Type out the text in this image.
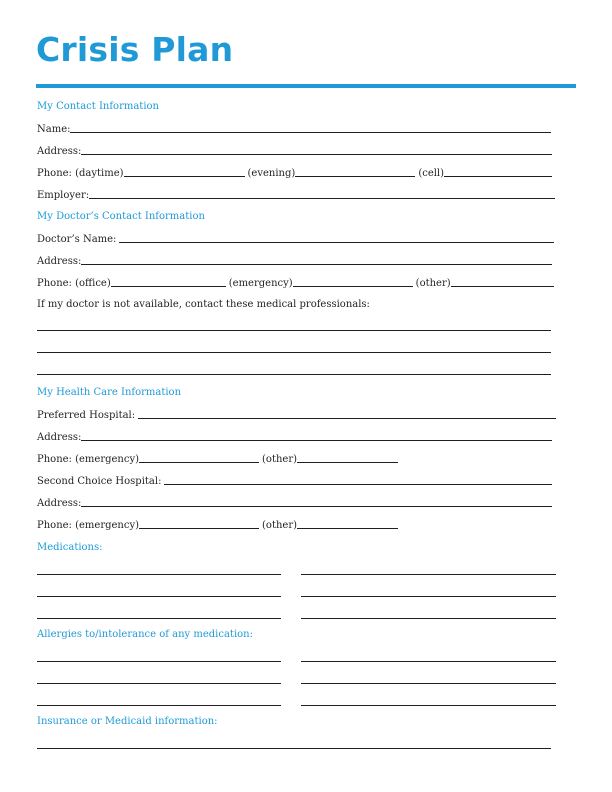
Crisis Plan
My Contact Information
Name:
Address:
Phone: (daytime)	(evening)	(cell)
Employer:
My Doctor’s Contact Information
Doctor’s Name:
Address:
Phone: (office)	(emergency)	(other)
If my doctor is not available, contact these medical professionals:
My Health Care Information
Preferred Hospital:
Address:
Phone: (emergency)	(other)
Second Choice Hospital:
Address:
Phone: (emergency)	(other)
Medications:
Allergies to/intolerance of any medication:
Insurance or Medicaid information:
